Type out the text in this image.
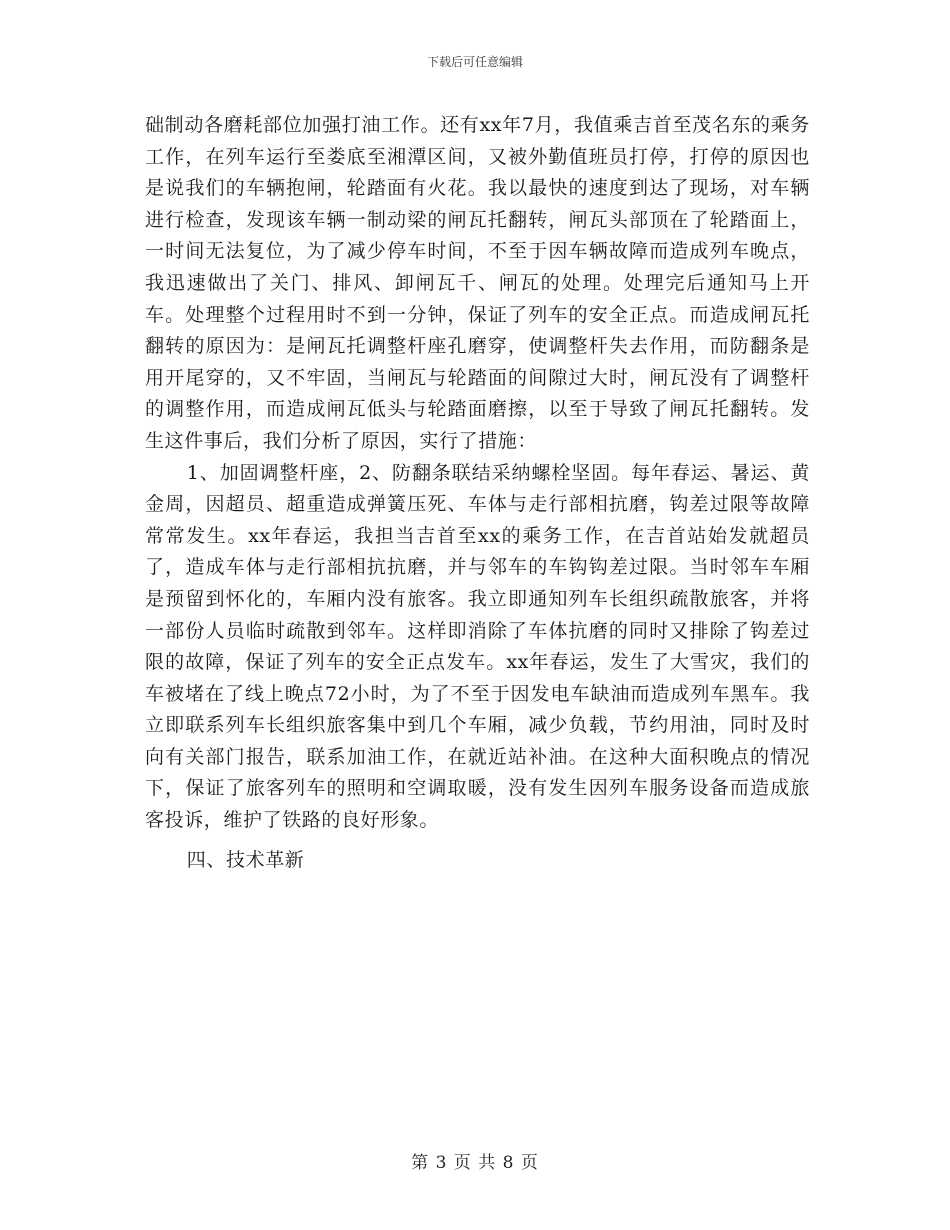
下载后可任意编辑

础制动各磨耗部位加强打油工作。还有xx年7月，我值乘吉首至茂名东的乘务工作，在列车运行至娄底至湘潭区间，又被外勤值班员打停，打停的原因也是说我们的车辆抱闸，轮踏面有火花。我以最快的速度到达了现场，对车辆进行检查，发现该车辆一制动梁的闸瓦托翻转，闸瓦头部顶在了轮踏面上，一时间无法复位，为了减少停车时间，不至于因车辆故障而造成列车晚点，我迅速做出了关门、排风、卸闸瓦千、闸瓦的处理。处理完后通知马上开车。处理整个过程用时不到一分钟，保证了列车的安全正点。而造成闸瓦托翻转的原因为：是闸瓦托调整杆座孔磨穿，使调整杆失去作用，而防翻条是用开尾穿的，又不牢固，当闸瓦与轮踏面的间隙过大时，闸瓦没有了调整杆的调整作用，而造成闸瓦低头与轮踏面磨擦，以至于导致了闸瓦托翻转。发生这件事后，我们分析了原因，实行了措施：

1、加固调整杆座，2、防翻条联结采纳螺栓坚固。每年春运、暑运、黄金周，因超员、超重造成弹簧压死、车体与走行部相抗磨，钩差过限等故障常常发生。xx年春运，我担当吉首至xx的乘务工作，在吉首站始发就超员了，造成车体与走行部相抗抗磨，并与邻车的车钩钩差过限。当时邻车车厢是预留到怀化的，车厢内没有旅客。我立即通知列车长组织疏散旅客，并将一部份人员临时疏散到邻车。这样即消除了车体抗磨的同时又排除了钩差过限的故障，保证了列车的安全正点发车。xx年春运，发生了大雪灾，我们的车被堵在了线上晚点72小时，为了不至于因发电车缺油而造成列车黑车。我立即联系列车长组织旅客集中到几个车厢，减少负载，节约用油，同时及时向有关部门报告，联系加油工作，在就近站补油。在这种大面积晚点的情况下，保证了旅客列车的照明和空调取暖，没有发生因列车服务设备而造成旅客投诉，维护了铁路的良好形象。

四、技术革新

第 3 页 共 8 页
